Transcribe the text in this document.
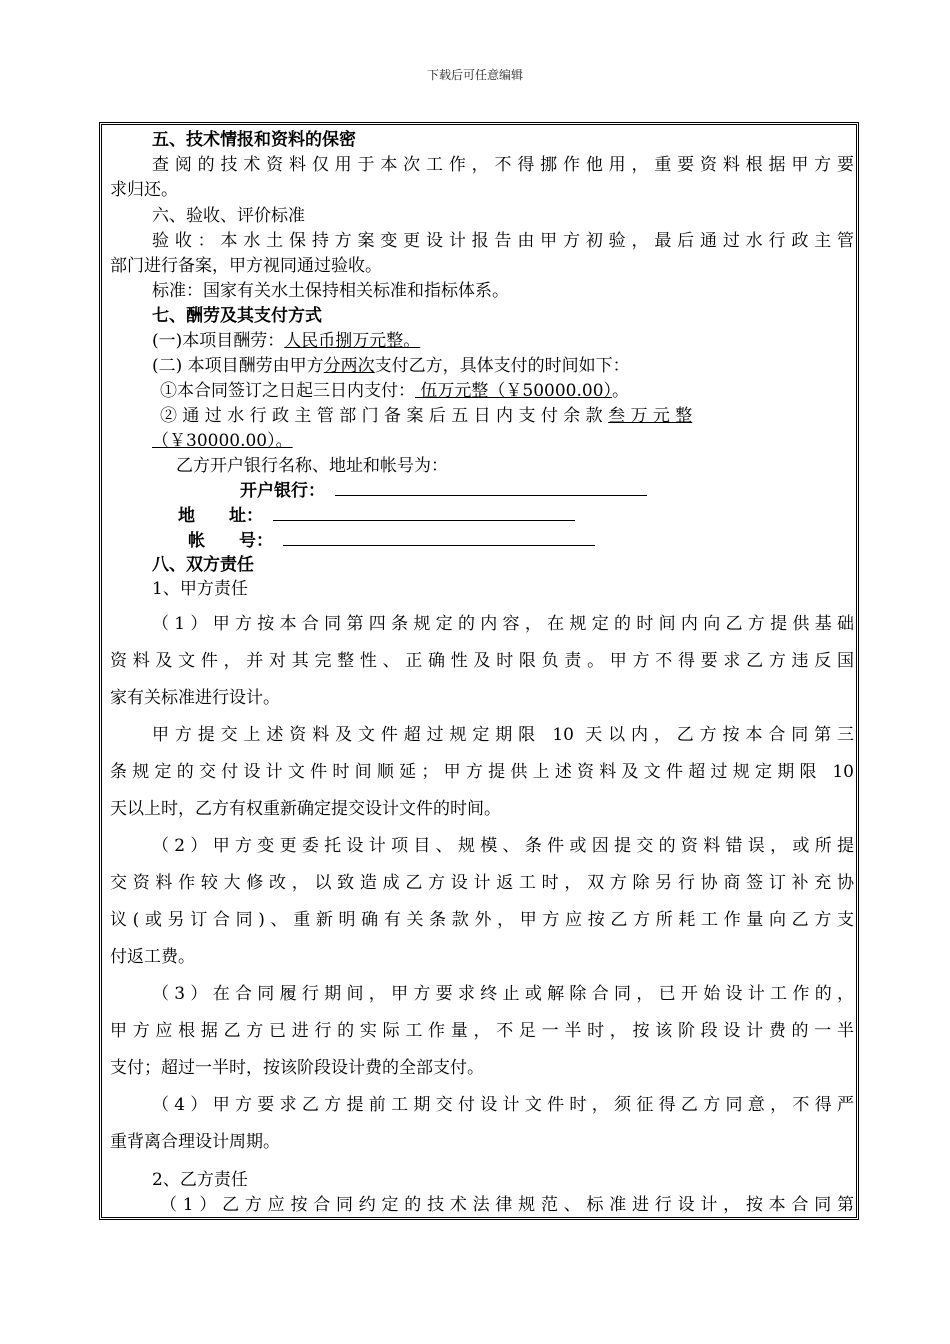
下载后可任意编辑
五、技术情报和资料的保密
查阅的技术资料仅用于本次工作，不得挪作他用，重要资料根据甲方要
求归还。
六、验收、评价标准
验收：本水土保持方案变更设计报告由甲方初验，最后通过水行政主管
部门进行备案，甲方视同通过验收。
标准：国家有关水土保持相关标准和指标体系。
七、酬劳及其支付方式
(一)本项目酬劳：人民币捌万元整。
(二) 本项目酬劳由甲方分两次支付乙方，具体支付的时间如下：
①本合同签订之日起三日内支付： 伍万元整（￥50000.00）。
② 通 过 水 行 政 主 管 部 门 备 案 后 五 日 内 支 付 余 款 叁 万 元 整
（￥30000.00）。
乙方开户银行名称、地址和帐号为：
开户银行：
地　　址：
帐　　号：
八、双方责任
1、甲方责任
（1）甲方按本合同第四条规定的内容，在规定的时间内向乙方提供基础
资料及文件，并对其完整性、正确性及时限负责。甲方不得要求乙方违反国
家有关标准进行设计。
甲方提交上述资料及文件超过规定期限 10 天以内，乙方按本合同第三
条规定的交付设计文件时间顺延；甲方提供上述资料及文件超过规定期限 10
天以上时，乙方有权重新确定提交设计文件的时间。
（2）甲方变更委托设计项目、规模、条件或因提交的资料错误，或所提
交资料作较大修改，以致造成乙方设计返工时，双方除另行协商签订补充协
议(或另订合同)、重新明确有关条款外，甲方应按乙方所耗工作量向乙方支
付返工费。
（3）在合同履行期间，甲方要求终止或解除合同，已开始设计工作的，
甲方应根据乙方已进行的实际工作量，不足一半时，按该阶段设计费的一半
支付；超过一半时，按该阶段设计费的全部支付。
（4）甲方要求乙方提前工期交付设计文件时，须征得乙方同意，不得严
重背离合理设计周期。
2、乙方责任
（1）乙方应按合同约定的技术法律规范、标准进行设计，按本合同第
